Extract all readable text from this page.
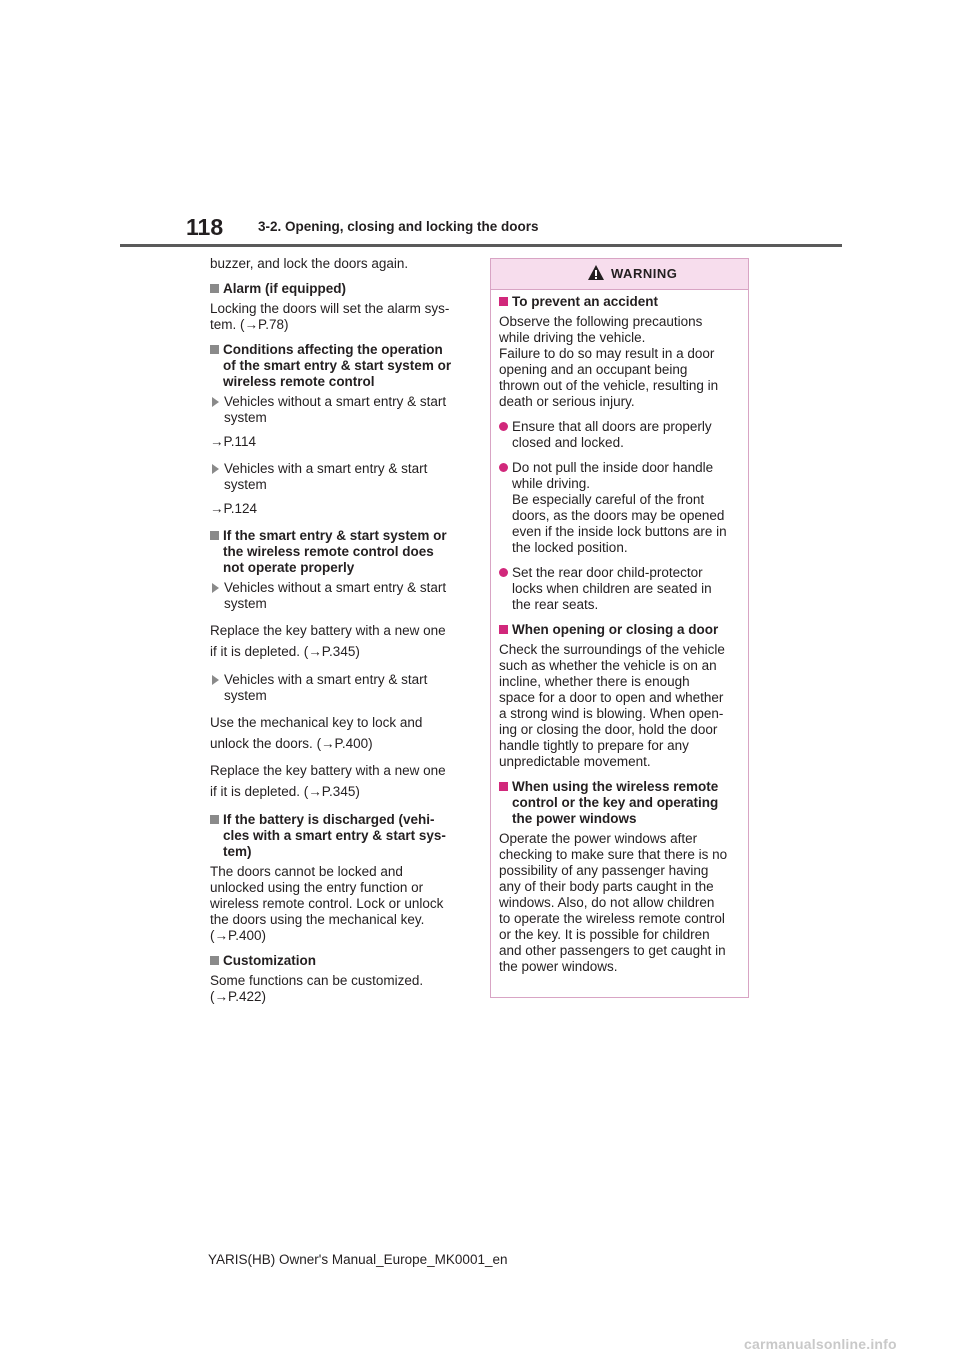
118	3-2. Opening, closing and locking the doors

buzzer, and lock the doors again.

Alarm (if equipped)

Locking the doors will set the alarm sys-
tem. (→P.78)

Conditions affecting the operation
of the smart entry & start system or
wireless remote control

Vehicles without a smart entry & start
system

→P.114

Vehicles with a smart entry & start
system

→P.124

If the smart entry & start system or
the wireless remote control does
not operate properly

Vehicles without a smart entry & start
system

Replace the key battery with a new one
if it is depleted. (→P.345)

Vehicles with a smart entry & start
system

Use the mechanical key to lock and
unlock the doors. (→P.400)

Replace the key battery with a new one
if it is depleted. (→P.345)

If the battery is discharged (vehi-
cles with a smart entry & start sys-
tem)

The doors cannot be locked and
unlocked using the entry function or
wireless remote control. Lock or unlock
the doors using the mechanical key.
(→P.400)

Customization

Some functions can be customized.
(→P.422)

WARNING

To prevent an accident

Observe the following precautions
while driving the vehicle.
Failure to do so may result in a door
opening and an occupant being
thrown out of the vehicle, resulting in
death or serious injury.

Ensure that all doors are properly
closed and locked.

Do not pull the inside door handle
while driving.
Be especially careful of the front
doors, as the doors may be opened
even if the inside lock buttons are in
the locked position.

Set the rear door child-protector
locks when children are seated in
the rear seats.

When opening or closing a door

Check the surroundings of the vehicle
such as whether the vehicle is on an
incline, whether there is enough
space for a door to open and whether
a strong wind is blowing. When open-
ing or closing the door, hold the door
handle tightly to prepare for any
unpredictable movement.

When using the wireless remote
control or the key and operating
the power windows

Operate the power windows after
checking to make sure that there is no
possibility of any passenger having
any of their body parts caught in the
windows. Also, do not allow children
to operate the wireless remote control
or the key. It is possible for children
and other passengers to get caught in
the power windows.

YARIS(HB) Owner's Manual_Europe_MK0001_en
carmanualsonline.info
